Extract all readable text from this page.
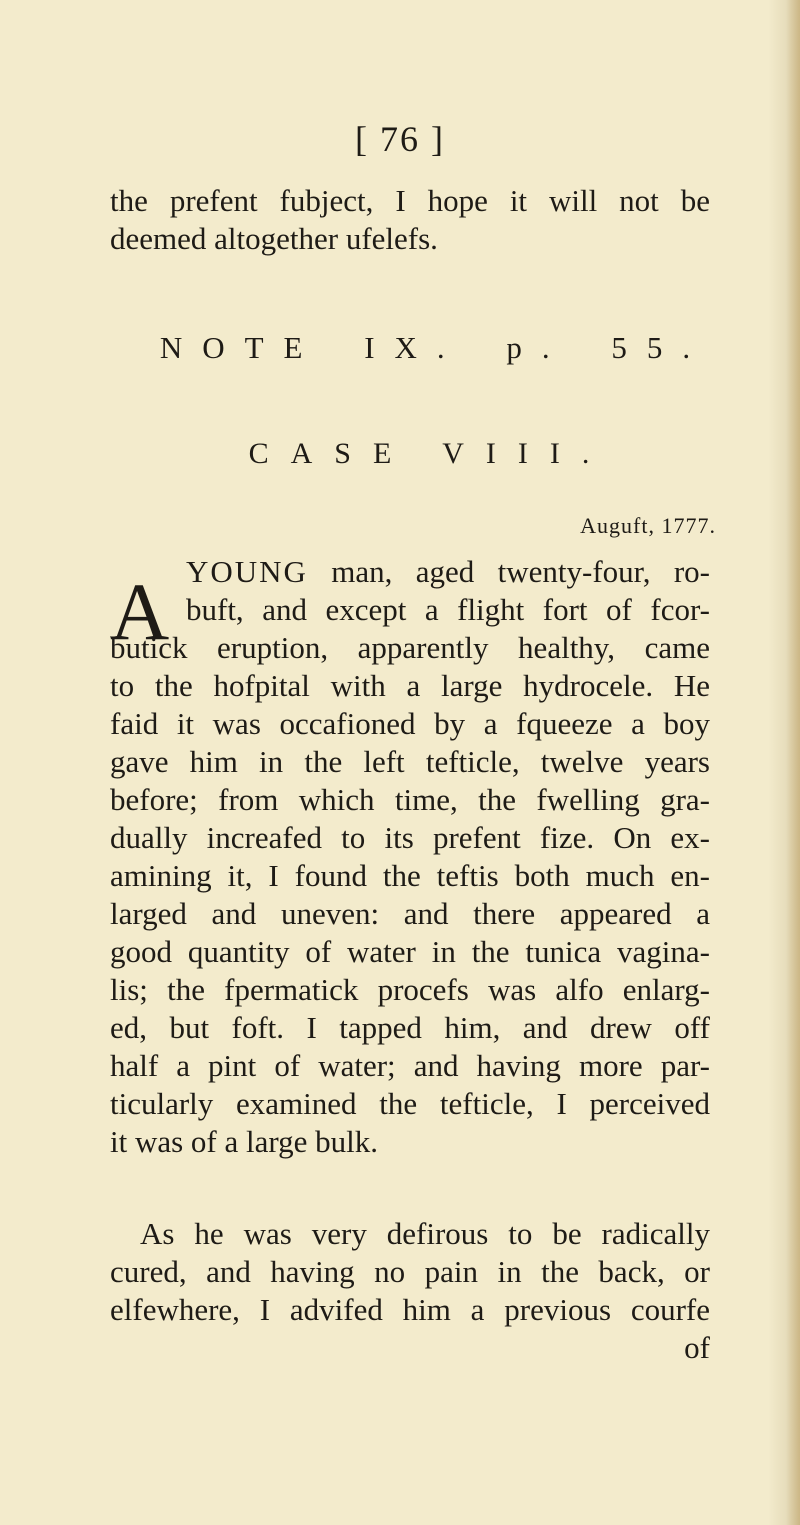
[ 76 ]
the prefent fubject, I hope it will not be
deemed altogether ufelefs.
NOTE IX. p. 55.
CASE VIII.
Auguft, 1777.
A YOUNG man, aged twenty-four, ro-
buft, and except a flight fort of fcor-
butick eruption, apparently healthy, came
to the hofpital with a large hydrocele. He
faid it was occafioned by a fqueeze a boy
gave him in the left tefticle, twelve years
before; from which time, the fwelling gra-
dually increafed to its prefent fize. On ex-
amining it, I found the teftis both much en-
larged and uneven: and there appeared a
good quantity of water in the tunica vagina-
lis; the fpermatick procefs was alfo enlarg-
ed, but foft. I tapped him, and drew off
half a pint of water; and having more par-
ticularly examined the tefticle, I perceived
it was of a large bulk.
As he was very defirous to be radically
cured, and having no pain in the back, or
elfewhere, I advifed him a previous courfe
of
